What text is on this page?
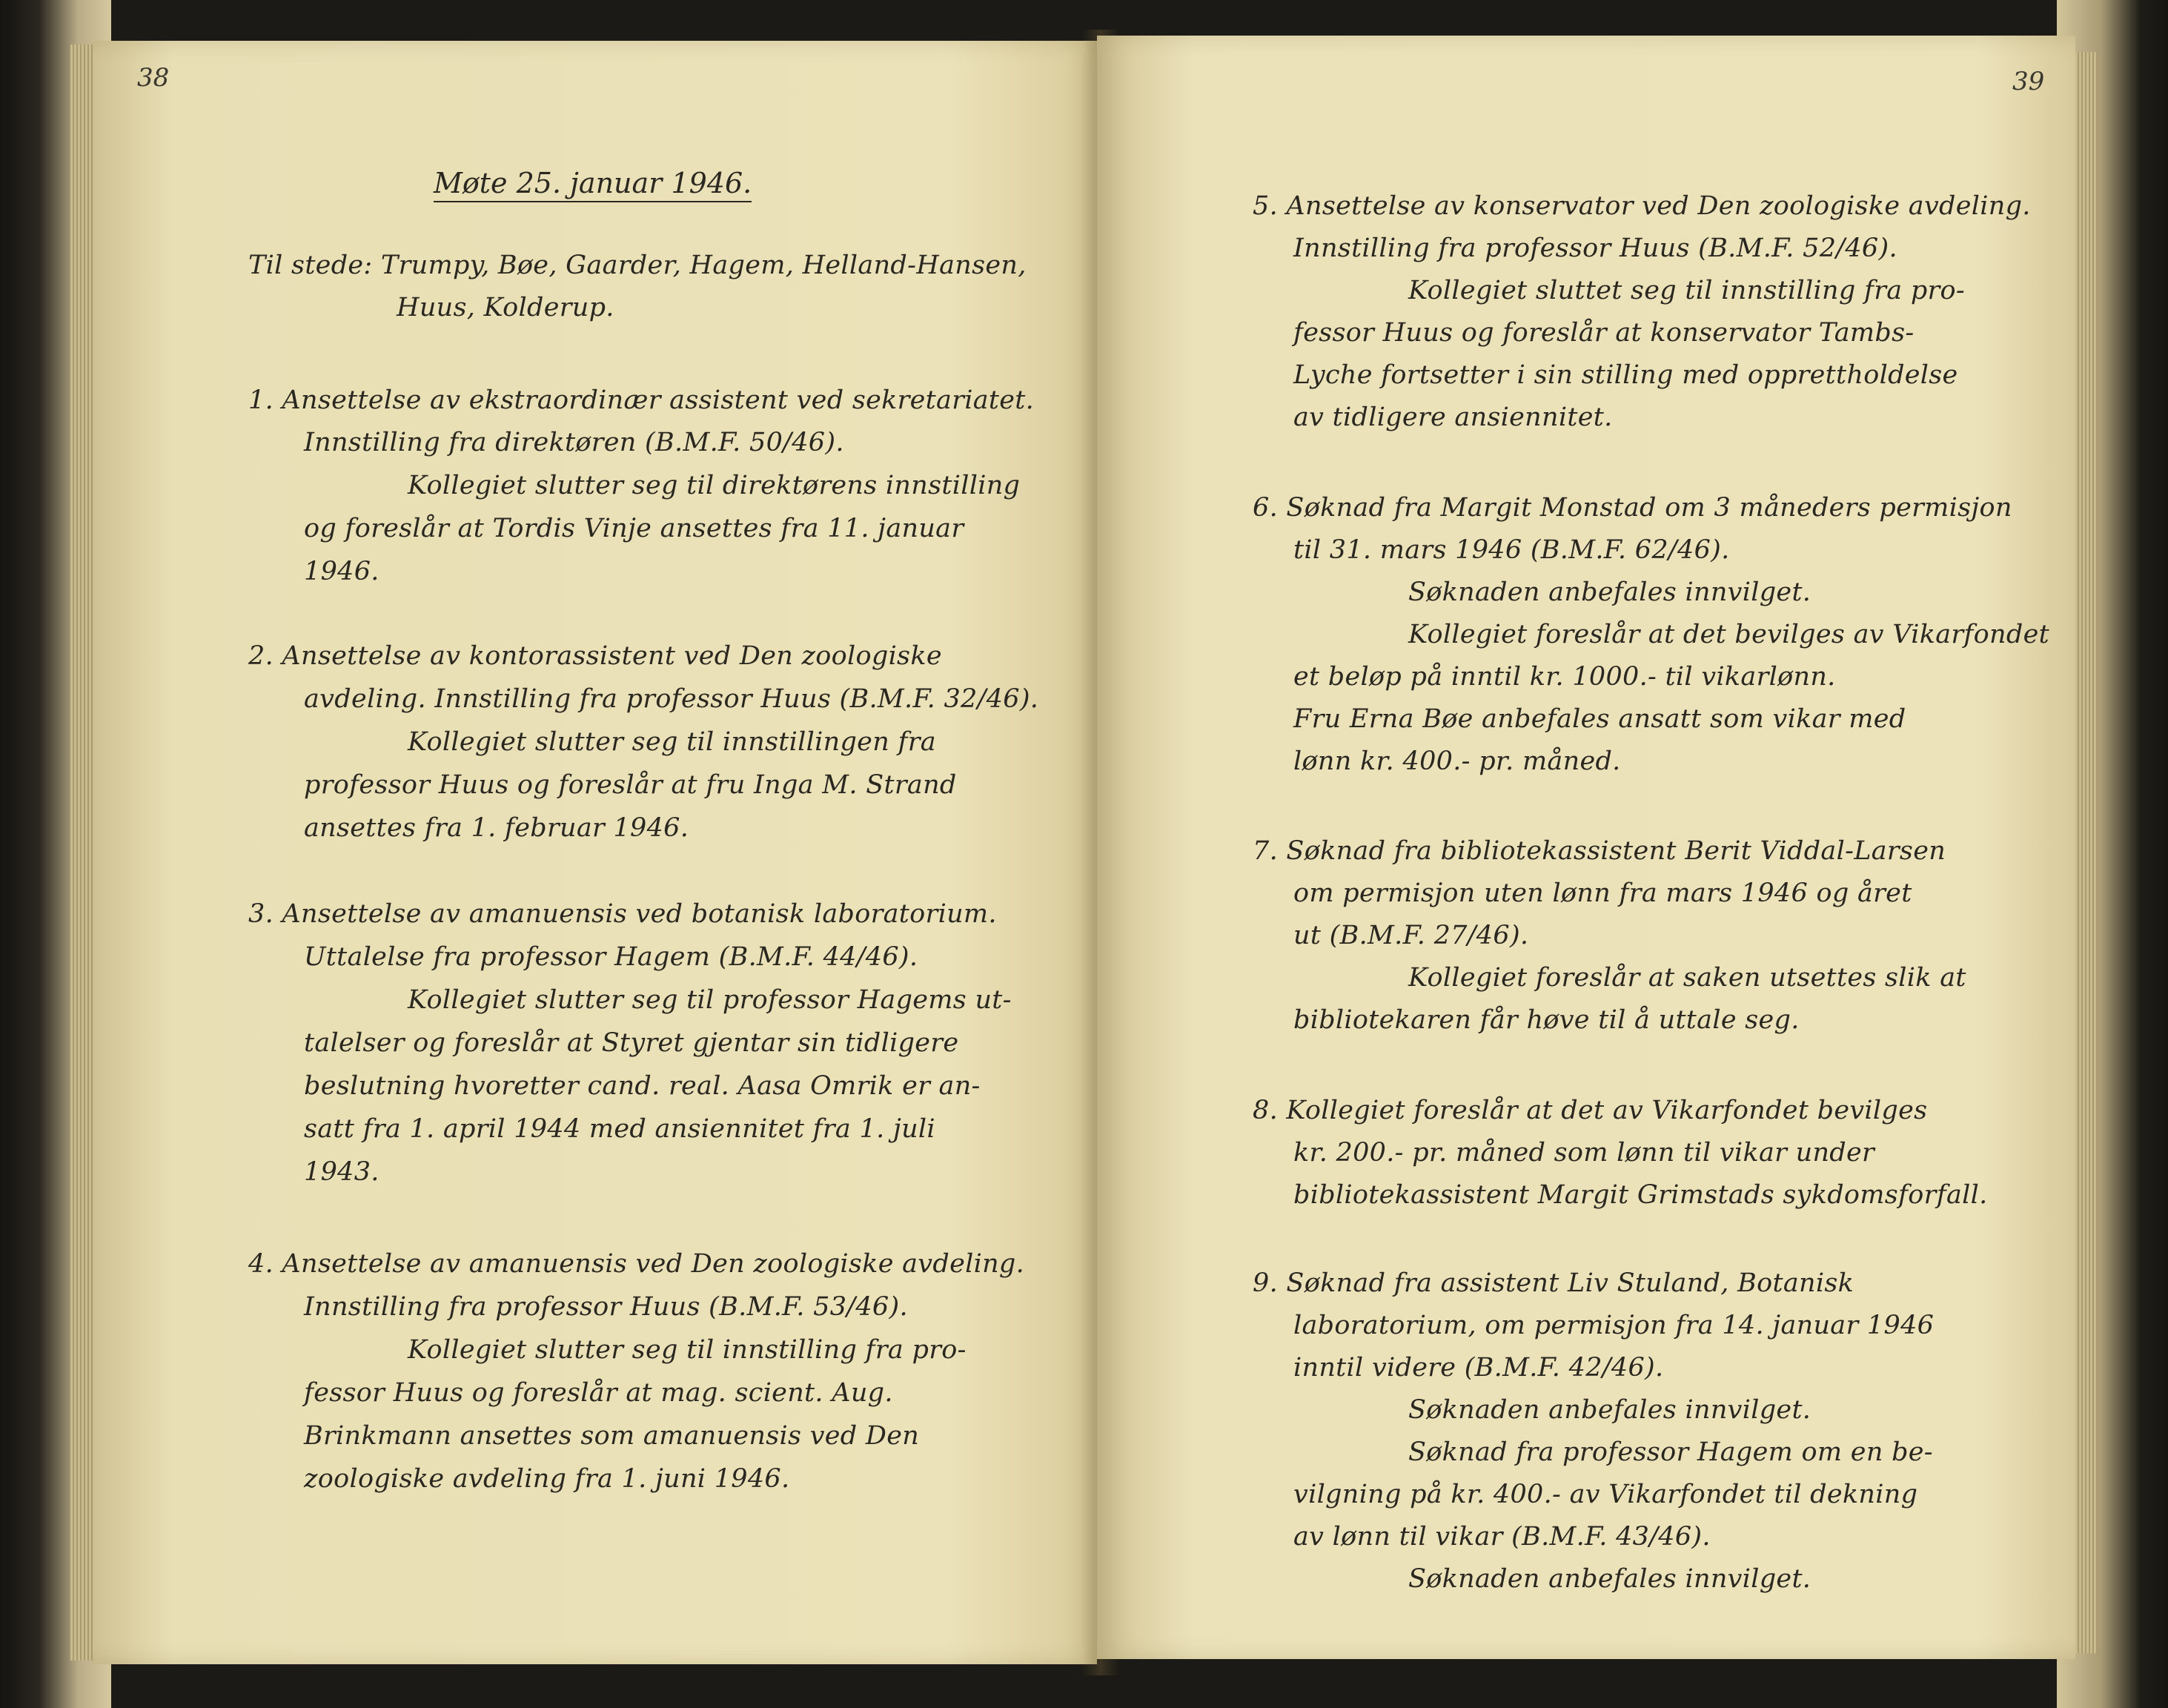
38
Møte 25. januar 1946.
Til stede: Trumpy, Bøe, Gaarder, Hagem, Helland-Hansen,
Huus, Kolderup.
1. Ansettelse av ekstraordinær assistent ved sekretariatet.
Innstilling fra direktøren (B.M.F. 50/46).
Kollegiet slutter seg til direktørens innstilling
og foreslår at Tordis Vinje ansettes fra 11. januar
1946.
2. Ansettelse av kontorassistent ved Den zoologiske
avdeling. Innstilling fra professor Huus (B.M.F. 32/46).
Kollegiet slutter seg til innstillingen fra
professor Huus og foreslår at fru Inga M. Strand
ansettes fra 1. februar 1946.
3. Ansettelse av amanuensis ved botanisk laboratorium.
Uttalelse fra professor Hagem (B.M.F. 44/46).
Kollegiet slutter seg til professor Hagems ut-
talelser og foreslår at Styret gjentar sin tidligere
beslutning hvoretter cand. real. Aasa Omrik er an-
satt fra 1. april 1944 med ansiennitet fra 1. juli
1943.
4. Ansettelse av amanuensis ved Den zoologiske avdeling.
Innstilling fra professor Huus (B.M.F. 53/46).
Kollegiet slutter seg til innstilling fra pro-
fessor Huus og foreslår at mag. scient. Aug.
Brinkmann ansettes som amanuensis ved Den
zoologiske avdeling fra 1. juni 1946.
39
5. Ansettelse av konservator ved Den zoologiske avdeling.
Innstilling fra professor Huus (B.M.F. 52/46).
Kollegiet sluttet seg til innstilling fra pro-
fessor Huus og foreslår at konservator Tambs-
Lyche fortsetter i sin stilling med opprettholdelse
av tidligere ansiennitet.
6. Søknad fra Margit Monstad om 3 måneders permisjon
til 31. mars 1946 (B.M.F. 62/46).
Søknaden anbefales innvilget.
Kollegiet foreslår at det bevilges av Vikarfondet
et beløp på inntil kr. 1000.- til vikarlønn.
Fru Erna Bøe anbefales ansatt som vikar med
lønn kr. 400.- pr. måned.
7. Søknad fra bibliotekassistent Berit Viddal-Larsen
om permisjon uten lønn fra mars 1946 og året
ut (B.M.F. 27/46).
Kollegiet foreslår at saken utsettes slik at
bibliotekaren får høve til å uttale seg.
8. Kollegiet foreslår at det av Vikarfondet bevilges
kr. 200.- pr. måned som lønn til vikar under
bibliotekassistent Margit Grimstads sykdomsforfall.
9. Søknad fra assistent Liv Stuland, Botanisk
laboratorium, om permisjon fra 14. januar 1946
inntil videre (B.M.F. 42/46).
Søknaden anbefales innvilget.
Søknad fra professor Hagem om en be-
vilgning på kr. 400.- av Vikarfondet til dekning
av lønn til vikar (B.M.F. 43/46).
Søknaden anbefales innvilget.
